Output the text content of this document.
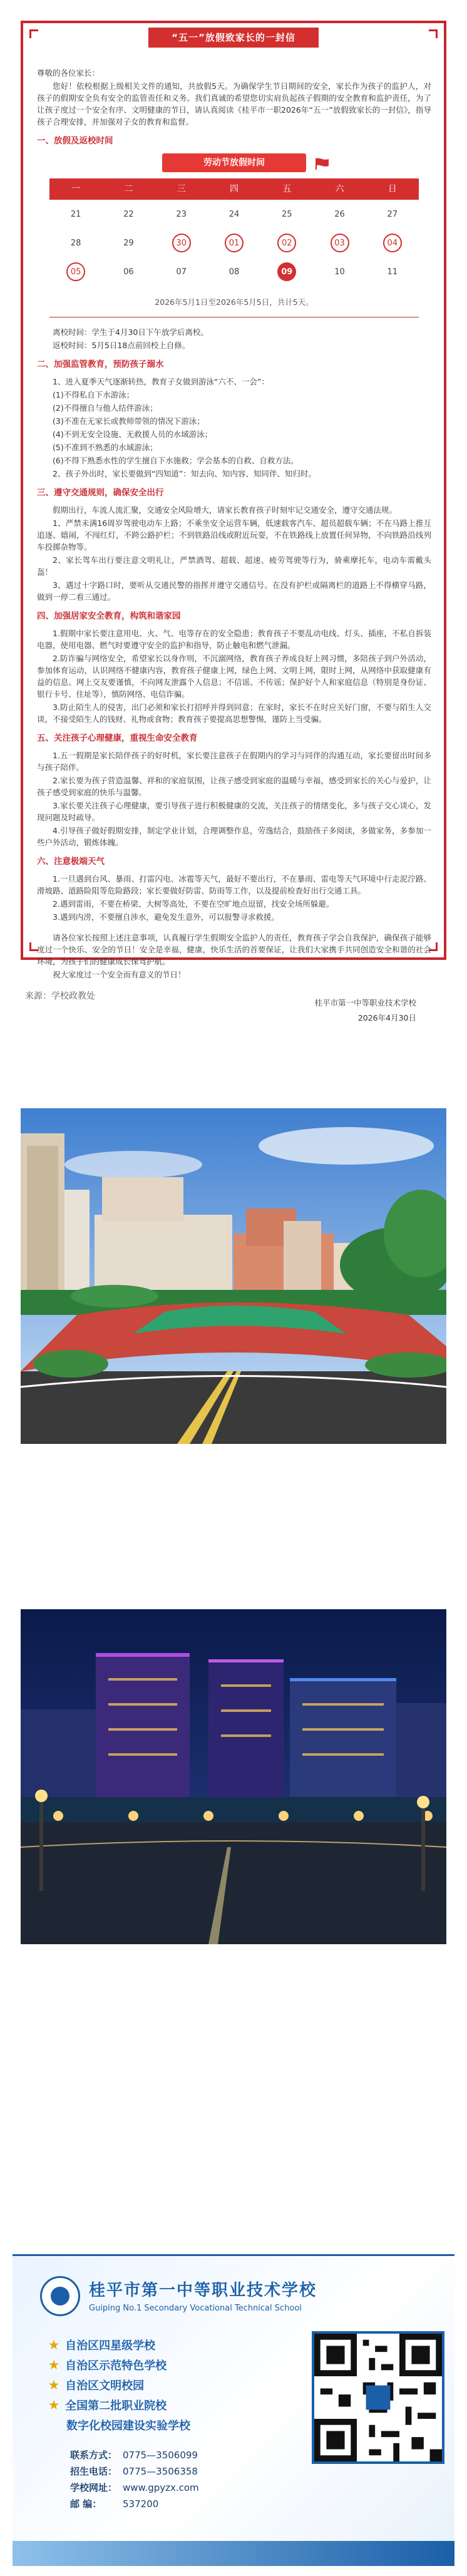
“五一”放假致家长的一封信
尊敬的各位家长：
您好！依校根据上级相关文件的通知，共放假5天。为确保学生节日期间的安全，家长作为孩子的监护人，对孩子的假期安全负有安全的监管责任和义务。我们真诚的希望您切实肩负起孩子假期的安全教育和监护责任，为了让孩子度过一个安全有序、文明健康的节日，请认真阅读《桂平市一职2026年“五一”放假致家长的一封信》，指导孩子合理安排，并加强对子女的教育和监督。
一、放假及返校时间
劳动节放假时间
一	二	三	四	五	六	日
21	22	23	24	25	26	27
28	29	30	01	02	03	04
05	06	07	08	09	10	11
2026年5月1日至2026年5月5日，共计5天。
离校时间：学生于4月30日下午放学后离校。
返校时间：5月5日18点前回校上自修。
二、加强监管教育，预防孩子溺水
1、进入夏季天气逐渐转热，教育子女做到游泳“六不、一会”：
(1)不得私自下水游泳；
(2)不得擅自与他人结伴游泳；
(3)不准在无家长或教师带领的情况下游泳；
(4)不到无安全设施、无救援人员的水域游泳；
(5)不准到不熟悉的水域游泳；
(6)不得下熟悉水性的学生擅自下水施救；学会基本的自救、自救方法。
2、孩子外出时，家长要做到“四知道”：知去向、知内容、知同伴、知归时。
三、遵守交通规则，确保安全出行
假期出行，车流人流汇聚，交通安全风险增大，请家长教育孩子时刻牢记交通安全，遵守交通法规。
1、严禁未满16周岁驾驶电动车上路；不乘坐安全运营车辆，低速载客汽车、超员超载车辆；不在马路上推互追逐、嬉闹，不闯红灯，不跨公路护栏；不到铁路沿线或附近玩耍，不在铁路线上放置任何异物，不向铁路沿线列车投掷杂物等。
2、家长驾车出行要注意文明礼让，严禁酒驾、超载、超速、疲劳驾驶等行为，骑乘摩托车，电动车需戴头盔！
3、遇过十字路口时，要听从交通民警的指挥并遵守交通信号。在没有护栏或隔离栏的道路上不得横穿马路，做到一停二看三通过。
四、加强居家安全教育，构筑和谐家园
1.假期中家长要注意用电、火、气、电等存在的安全隐患；教育孩子不要乱动电线、灯头、插座，不私自拆装电器，使用电器、燃气时要遵守安全的监护和指导，防止触电和燃气泄漏。
2.防诈骗与网络安全，希望家长以身作则，不沉溺网络，教育孩子养成良好上网习惯，多陪孩子到户外活动，参加体育运动，认识网络不健康内容，教育孩子健康上网，绿色上网、文明上网，限时上网，从网络中获取健康有益的信息。网上交友要谨慎，不向网友泄露个人信息；不信谣、不传谣；保护好个人和家庭信息（特别是身份证、银行卡号、住址等），慎防网络、电信诈骗。
3.防止陌生人的侵害，出门必须和家长打招呼并得到同意；在家时，家长不在时应关好门窗，不要与陌生人交谈，不接受陌生人的钱财、礼物或食物；教育孩子要提高思想警惕，谨防上当受骗。
五、关注孩子心理健康，重视生命安全教育
1.五一假期是家长陪伴孩子的好时机，家长要注意孩子在假期内的学习与同伴的沟通互动，家长要留出时间多与孩子陪伴。
2.家长要为孩子营造温馨、祥和的家庭氛围，让孩子感受到家庭的温暖与幸福，感受到家长的关心与爱护，让孩子感受到家庭的快乐与温馨。
3.家长要关注孩子心理健康，要引导孩子进行积极健康的交流，关注孩子的情绪变化，多与孩子交心谈心，发现问题及时疏导。
4.引导孩子做好假期安排，制定学业计划，合理调整作息，劳逸结合，鼓励孩子多阅读，多做家务，多参加一些户外活动，锻炼体魄。
六、注意极端天气
1.一旦遇到台风、暴雨、打雷闪电、冰雹等天气，最好不要出行，不在暴雨、雷电等天气环境中行走泥泞路、滑坡路、道路险阻等危险路段；家长要做好防雷、防雨等工作，以及提前检查好出行交通工具。
2.遇到雷雨，不要在桥梁、大树等高处，不要在空旷地点逗留，找安全场所躲避。
3.遇到内涝，不要擅自涉水，避免发生意外，可以报警寻求救援。
请各位家长按照上述注意事项，认真履行学生假期安全监护人的责任，教育孩子学会自我保护，确保孩子能够度过一个快乐、安全的节日！安全是幸福，健康，快乐生活的首要保证，让我们大家携手共同创造安全和谐的社会环境，为孩子们的健康成长保驾护航。
祝大家度过一个安全而有意义的节日！
桂平市第一中等职业技术学校
2026年4月30日
来源：学校政教处
桂平市第一中等职业技术学校
Guiping No.1 Secondary Vocational Technical School
★ 自治区四星级学校
★ 自治区示范特色学校
★ 自治区文明校园
★ 全国第二批职业院校
数字化校园建设实验学校
联系方式： 0775—3506099
招生电话： 0775—3506358
学校网址： www.gpyzx.com
邮 编： 537200
